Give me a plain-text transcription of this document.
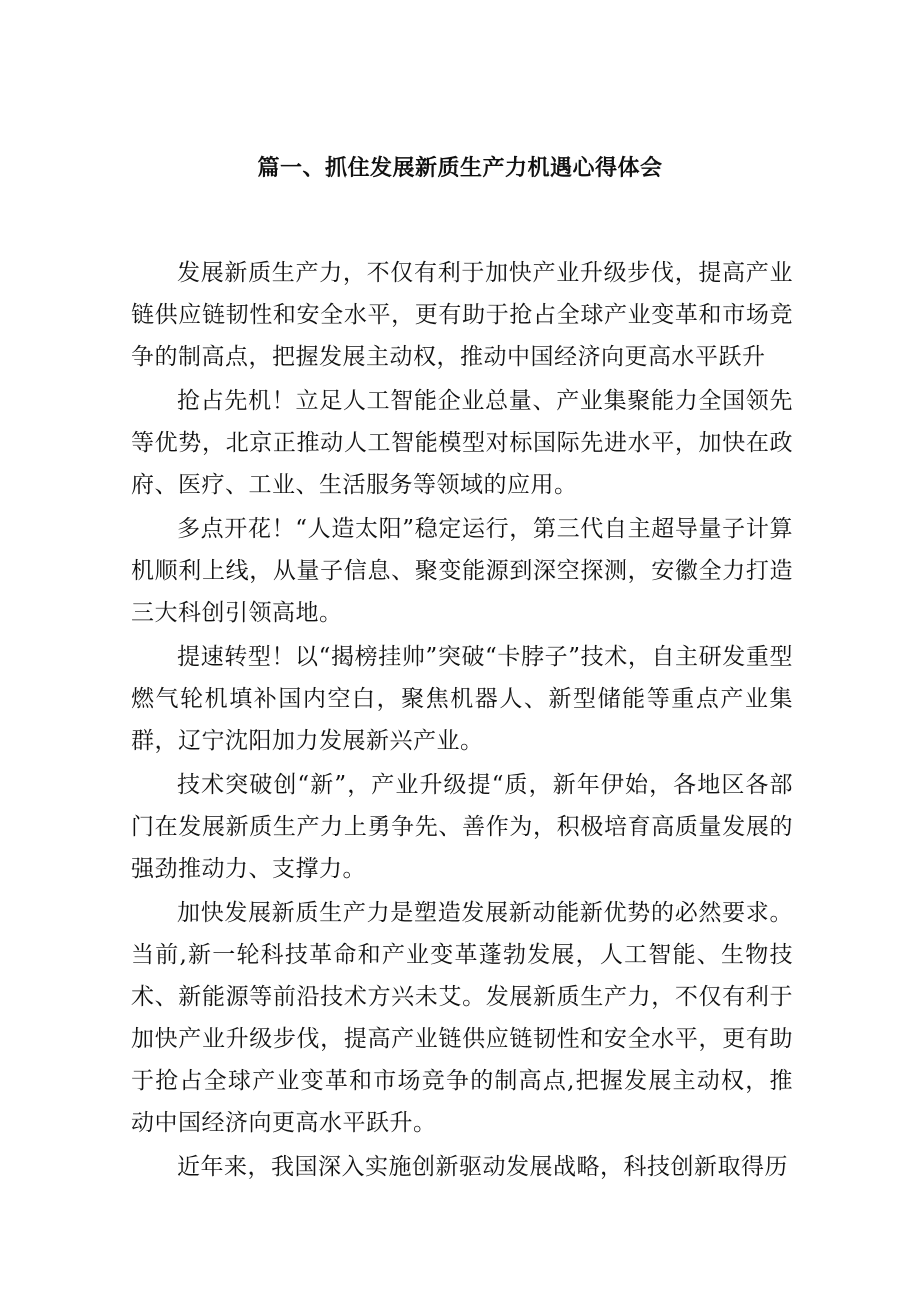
篇一、抓住发展新质生产力机遇心得体会

发展新质生产力，不仅有利于加快产业升级步伐，提高产业链供应链韧性和安全水平，更有助于抢占全球产业变革和市场竞争的制高点，把握发展主动权，推动中国经济向更高水平跃升

抢占先机！立足人工智能企业总量、产业集聚能力全国领先等优势，北京正推动人工智能模型对标国际先进水平，加快在政府、医疗、工业、生活服务等领域的应用。

多点开花！“人造太阳”稳定运行，第三代自主超导量子计算机顺利上线，从量子信息、聚变能源到深空探测，安徽全力打造三大科创引领高地。

提速转型！以“揭榜挂帅”突破“卡脖子”技术，自主研发重型燃气轮机填补国内空白，聚焦机器人、新型储能等重点产业集群，辽宁沈阳加力发展新兴产业。

技术突破创“新”，产业升级提“质，新年伊始，各地区各部门在发展新质生产力上勇争先、善作为，积极培育高质量发展的强劲推动力、支撑力。

加快发展新质生产力是塑造发展新动能新优势的必然要求。当前,新一轮科技革命和产业变革蓬勃发展，人工智能、生物技术、新能源等前沿技术方兴未艾。发展新质生产力，不仅有利于加快产业升级步伐，提高产业链供应链韧性和安全水平，更有助于抢占全球产业变革和市场竞争的制高点,把握发展主动权，推动中国经济向更高水平跃升。

近年来，我国深入实施创新驱动发展战略，科技创新取得历
